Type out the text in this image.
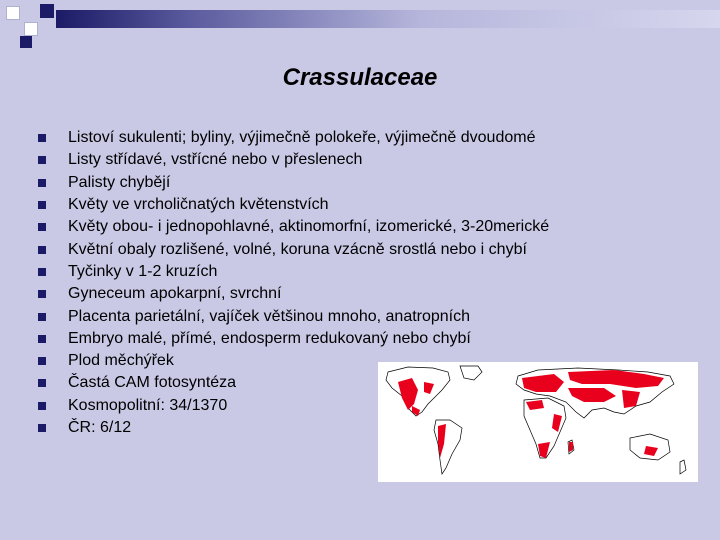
Crassulaceae
Listoví sukulenti; byliny, výjimečně polokeře, výjimečně dvoudomé
Listy střídavé, vstřícné nebo v přeslenech
Palisty chybějí
Květy ve vrcholičnatých květenstvích
Květy obou- i jednopohlavné, aktinomorfní, izomerické, 3-20merické
Květní obaly rozlišené, volné, koruna vzácně srostlá nebo i chybí
Tyčinky v 1-2 kruzích
Gyneceum apokarpní, svrchní
Placenta parietální, vajíček většinou mnoho, anatropních
Embryo malé, přímé, endosperm redukovaný nebo chybí
Plod měchýřek
Častá CAM fotosyntéza
Kosmopolitní: 34/1370
ČR: 6/12
